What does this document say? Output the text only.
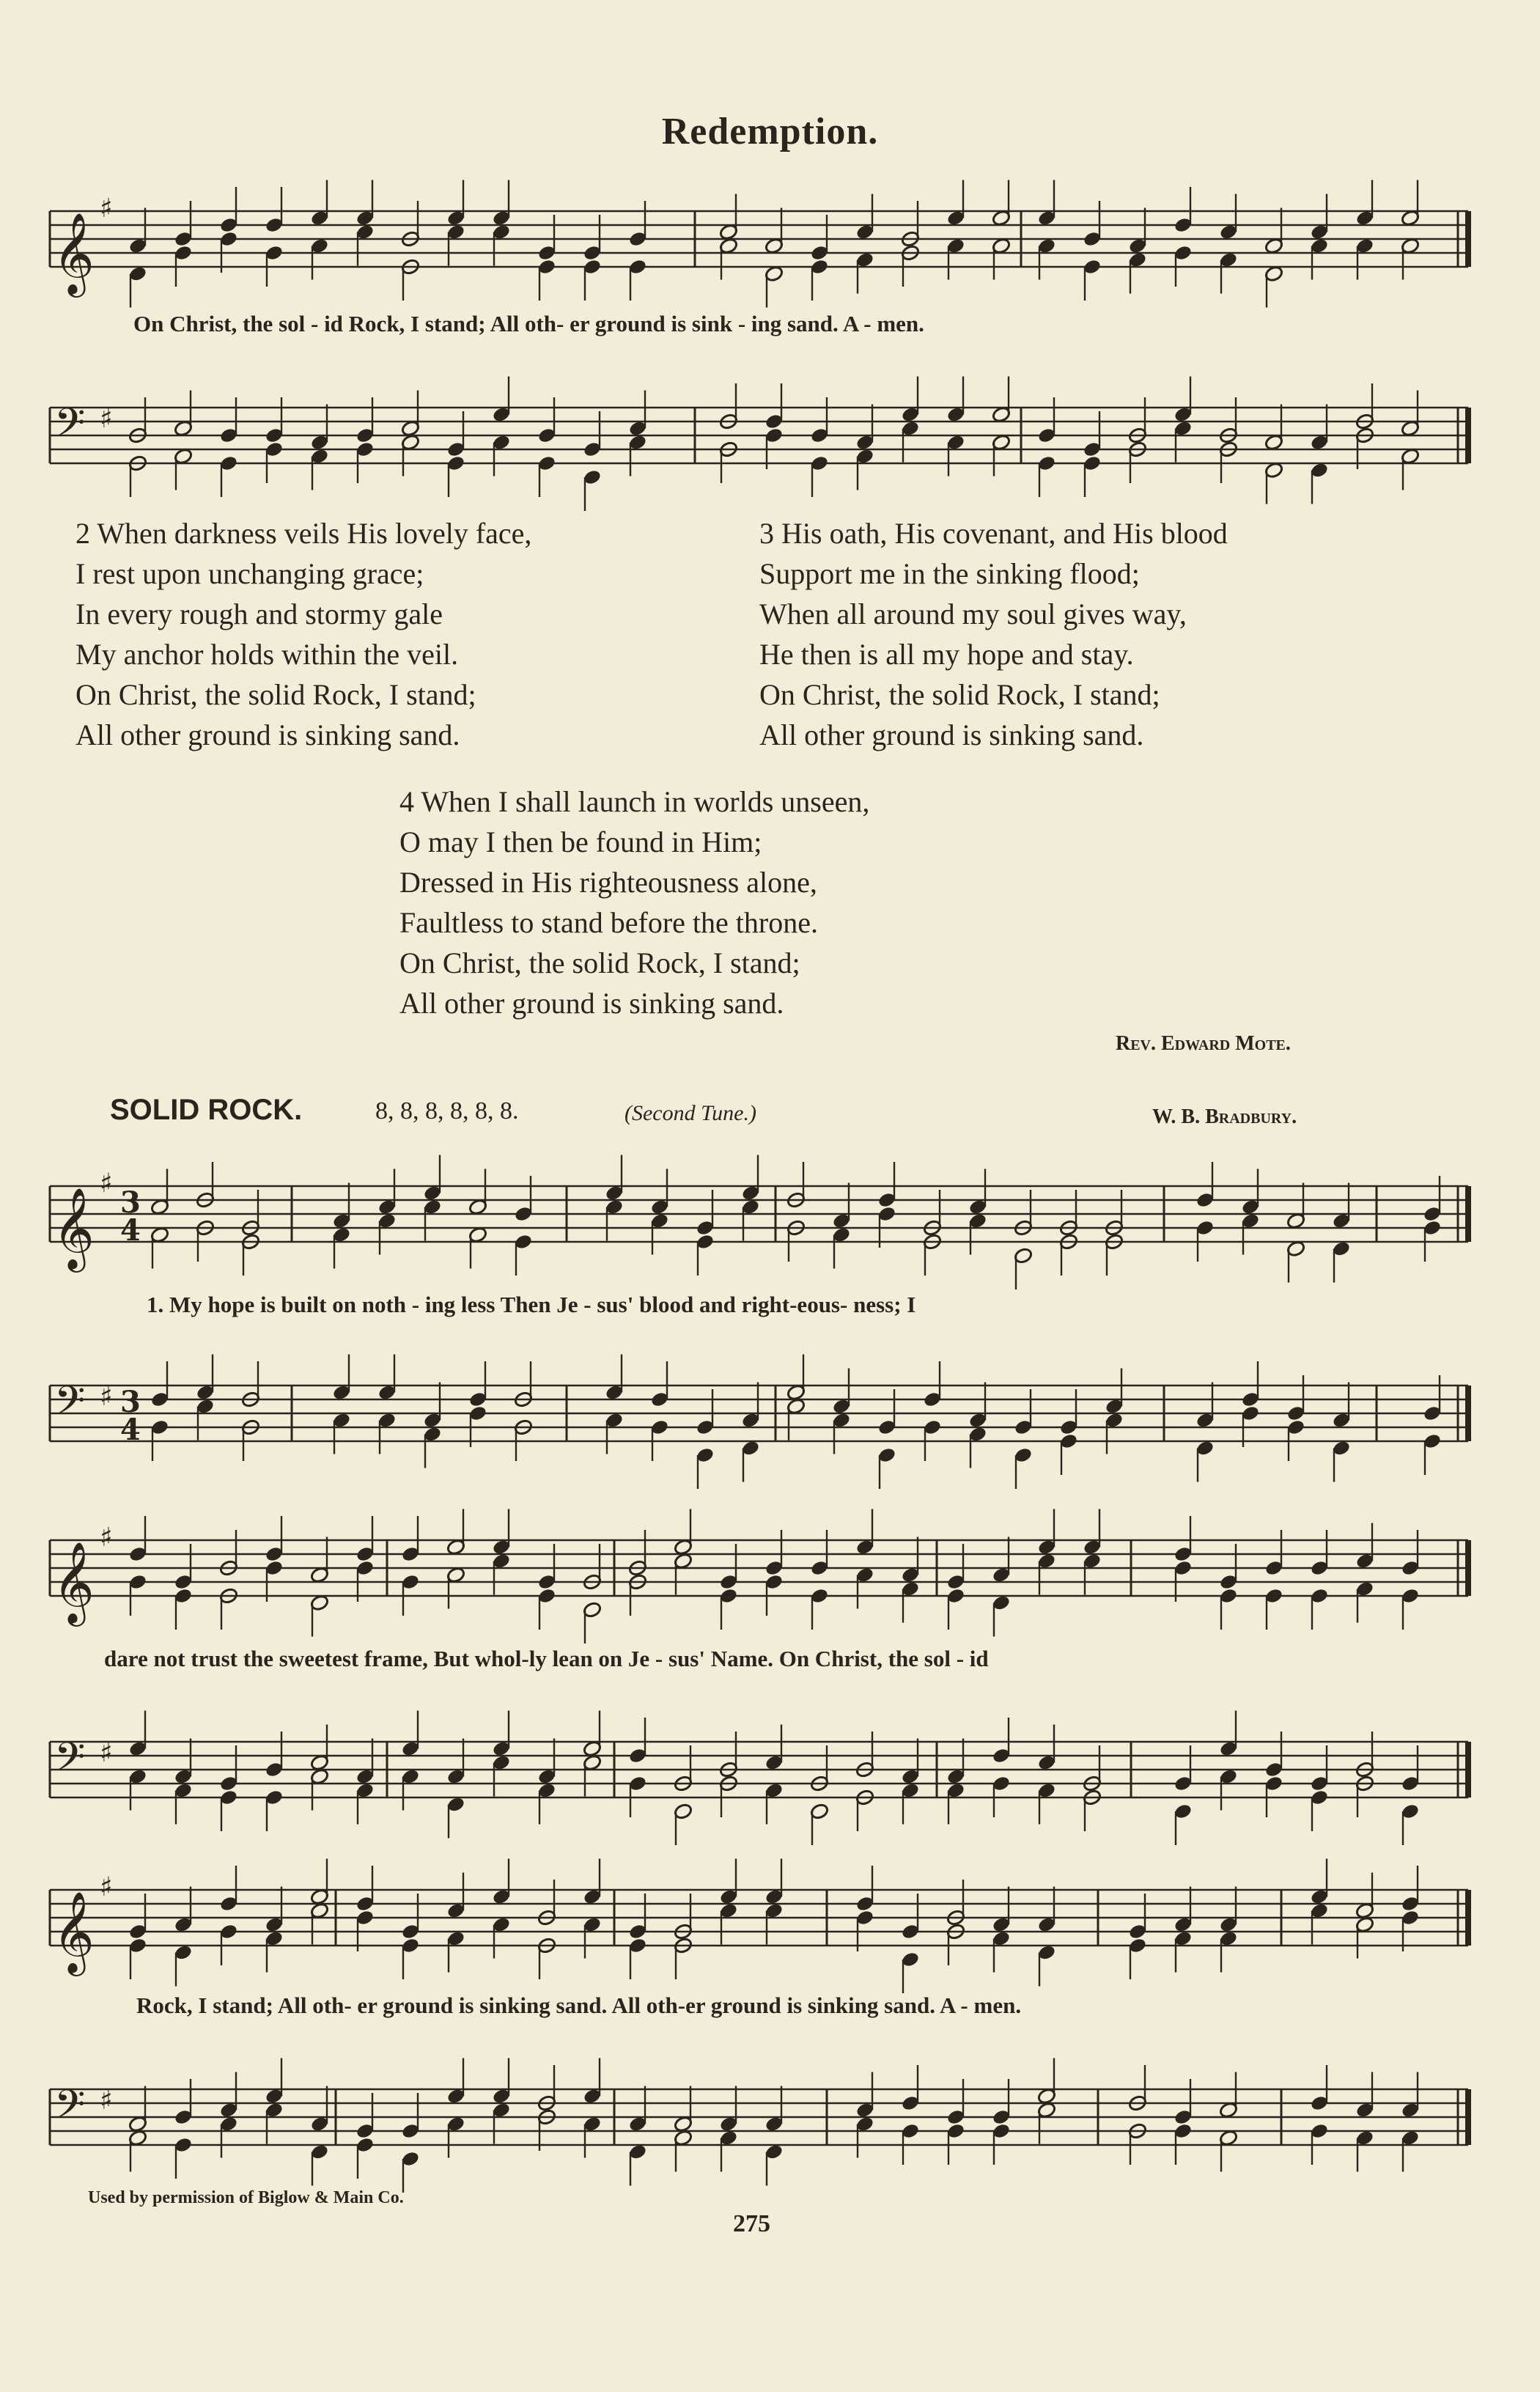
Redemption.
𝄞
♯
On Christ, the sol - id Rock, I stand; All oth- er ground is sink - ing sand. A - men.
𝄢 ♯
2 When darkness veils His lovely face,
I rest upon unchanging grace;
In every rough and stormy gale
My anchor holds within the veil.
On Christ, the solid Rock, I stand;
All other ground is sinking sand.
3 His oath, His covenant, and His blood
Support me in the sinking flood;
When all around my soul gives way,
He then is all my hope and stay.
On Christ, the solid Rock, I stand;
All other ground is sinking sand.
4 When I shall launch in worlds unseen,
O may I then be found in Him;
Dressed in His righteousness alone,
Faultless to stand before the throne.
On Christ, the solid Rock, I stand;
All other ground is sinking sand.
Rev. Edward Mote.
SOLID ROCK.	8, 8, 8, 8, 8, 8.	(Second Tune.)	W. B. Bradbury.
𝄞
♯
3
4
1. My hope is built on noth - ing less Then Je - sus' blood and right-eous- ness; I
𝄢 ♯ 3
4
𝄞
♯
dare not trust the sweetest frame, But whol-ly lean on Je - sus' Name. On Christ, the sol - id
𝄢 ♯
𝄞
♯
Rock, I stand; All oth- er ground is sinking sand. All oth-er ground is sinking sand. A - men.
𝄢 ♯
Used by permission of Biglow & Main Co.
275
